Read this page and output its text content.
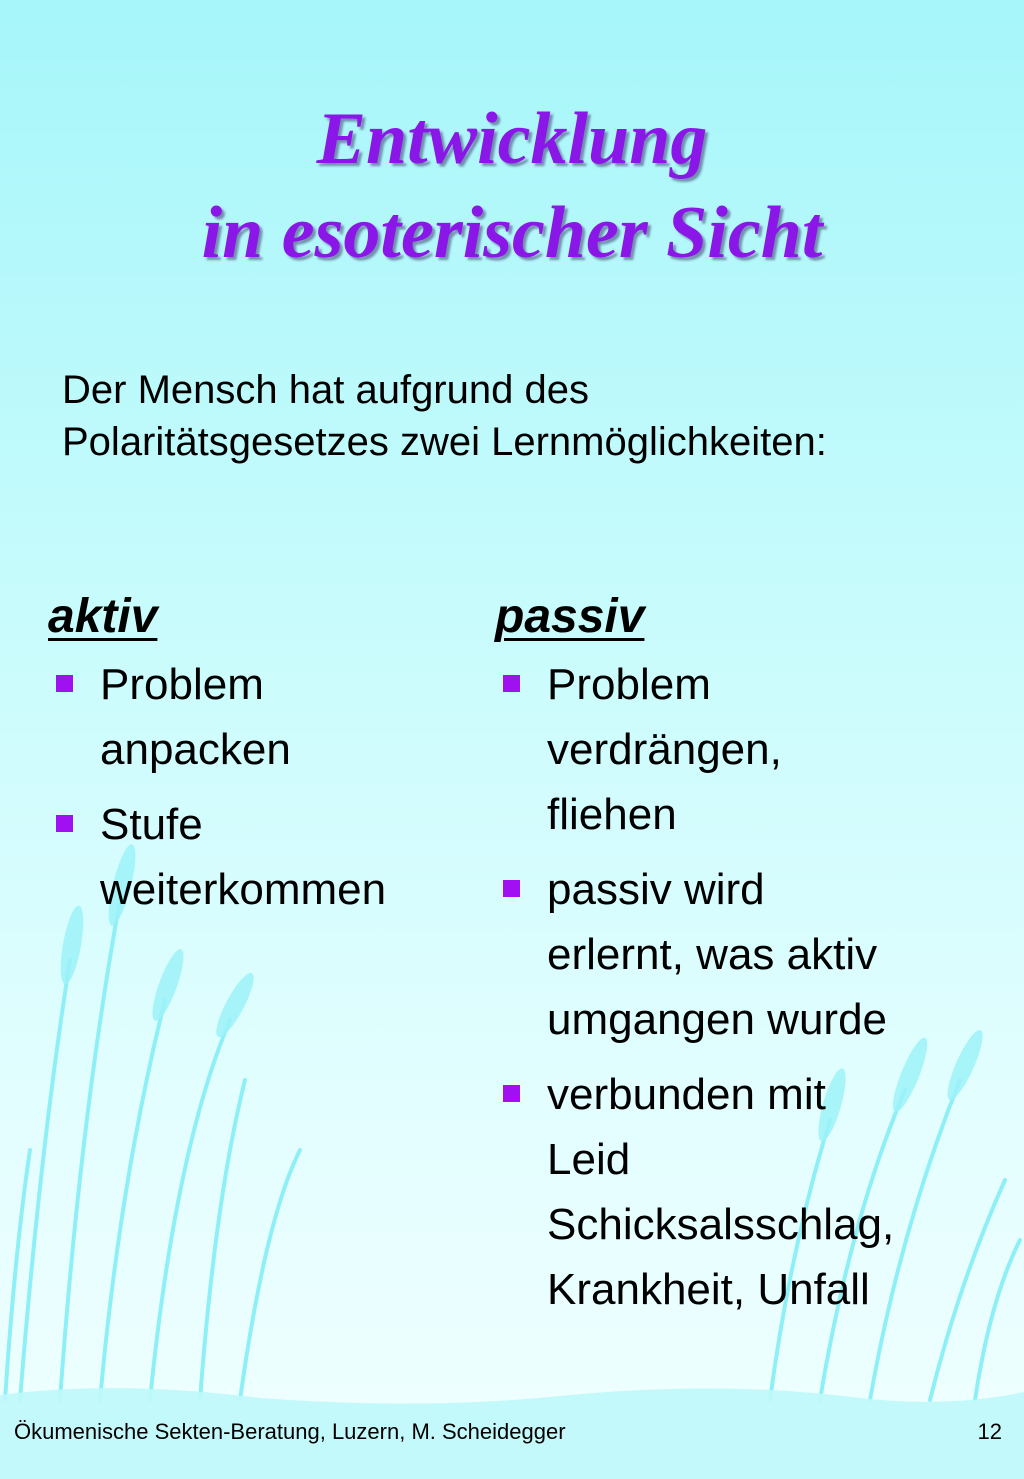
Entwicklung
in esoterischer Sicht
Der Mensch hat aufgrund des
Polaritätsgesetzes zwei Lernmöglichkeiten:
aktiv
Problem
anpacken
Stufe
weiterkommen
passiv
Problem
verdrängen,
fliehen
passiv wird
erlernt, was aktiv
umgangen wurde
verbunden mit
Leid
Schicksalsschlag,
Krankheit, Unfall
Ökumenische Sekten-Beratung, Luzern, M. Scheidegger	12
